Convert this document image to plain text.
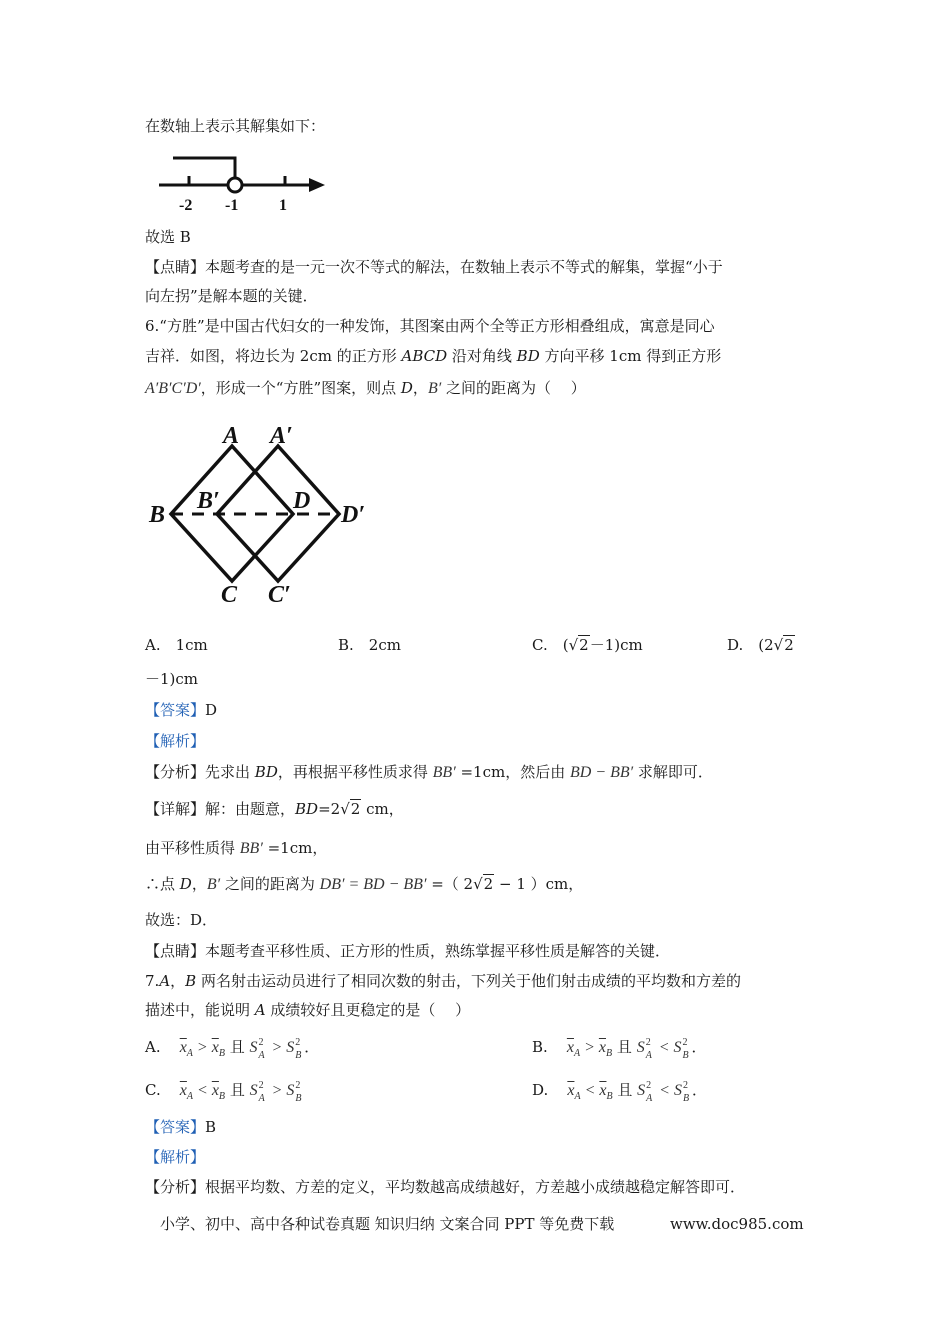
在数轴上表示其解集如下：
-2 -1	1
故选 B
【点睛】本题考查的是一元一次不等式的解法，在数轴上表示不等式的解集，掌握“小于
向左拐”是解本题的关键．
6.“方胜”是中国古代妇女的一种发饰，其图案由两个全等正方形相叠组成，寓意是同心
吉祥．如图，将边长为 2cm 的正方形 ABCD 沿对角线 BD 方向平移 1cm 得到正方形
A′B′C′D′，形成一个“方胜”图案，则点 D，B′ 之间的距离为（　 ）
A A′
B
B′	D
D′
C C′
A.　1cm	B.　2cm	C.　(√2－1)cm	D.　(2√2
－1)cm
【答案】D
【解析】
【分析】先求出 BD，再根据平移性质求得 BB′ =1cm，然后由 BD − BB′ 求解即可．
【详解】解：由题意，BD=2√2 cm，
由平移性质得 BB′ =1cm，
∴点 D，B′ 之间的距离为 DB′ = BD − BB′ =（ 2√2 − 1 ）cm，
故选：D．
【点睛】本题考查平移性质、正方形的性质，熟练掌握平移性质是解答的关键．
7.A，B 两名射击运动员进行了相同次数的射击，下列关于他们射击成绩的平均数和方差的
描述中，能说明 A 成绩较好且更稳定的是（　 ）
A. $\overline{x}_A > \overline{x}_B$ 且 S 2
A > S 2
B ．	B. $\overline{x}_A > \overline{x}_B$ 且 S 2
A < S 2
B ．
C. $\overline{x}_A < \overline{x}_B$ 且 S 2
A > S 2
B	D. $\overline{x}_A < \overline{x}_B$ 且 S 2
A < S 2
B ．
【答案】B
【解析】
【分析】根据平均数、方差的定义，平均数越高成绩越好，方差越小成绩越稳定解答即可．
小学、初中、高中各种试卷真题 知识归纳 文案合同 PPT 等免费下载	www.doc985.com
